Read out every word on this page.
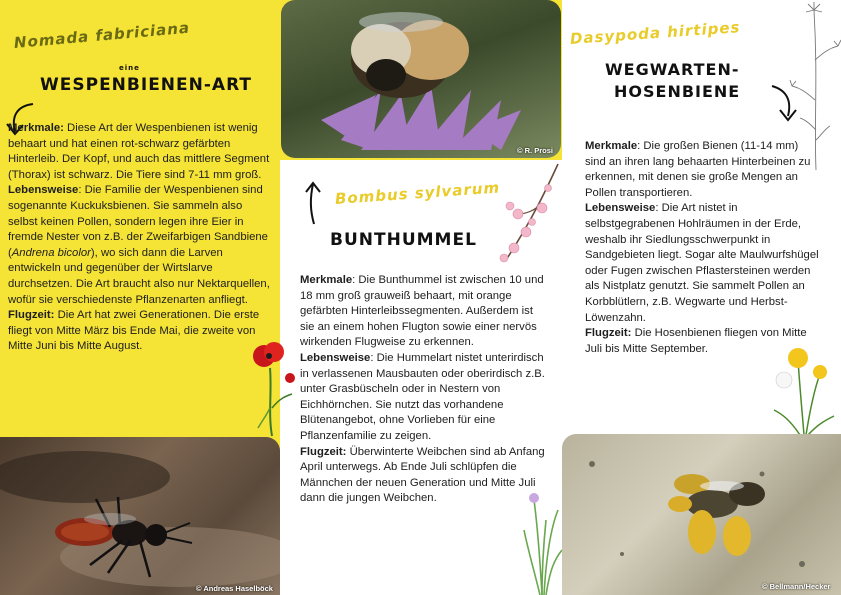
Nomada fabriciana
eine
WESPENBIENEN-ART
Merkmale: Diese Art der Wespenbienen ist wenig behaart und hat einen rot-schwarz gefärbten Hinterleib. Der Kopf, und auch das mittlere Segment (Thorax) ist schwarz. Die Tiere sind 7-11 mm groß.
Lebensweise: Die Familie der Wespenbienen sind sogenannte Kuckuksbienen. Sie sammeln also selbst keinen Pollen, sondern legen ihre Eier in fremde Nester von z.B. der Zweifarbigen Sandbiene (Andrena bicolor), wo sich dann die Larven entwickeln und gegenüber der Wirtslarve durchsetzen. Die Art braucht also nur Nektarquellen, wofür sie verschiedenste Pflanzenarten anfliegt.
Flugzeit: Die Art hat zwei Generationen. Die erste fliegt von Mitte März bis Ende Mai, die zweite von Mitte Juni bis Mitte August.
© Andreas Haselböck
© R. Prosi
Bombus sylvarum
BUNTHUMMEL
Merkmale: Die Bunthummel ist zwischen 10 und 18 mm groß grauweiß behaart, mit orange gefärbten Hinterleibssegmenten. Außerdem ist sie an einem hohen Flugton sowie einer nervös wirkenden Flugweise zu erkennen.
Lebensweise: Die Hummelart nistet unterirdisch in verlassenen Mausbauten oder oberirdisch z.B. unter Grasbüscheln oder in Nestern von Eichhörnchen. Sie nutzt das vorhandene Blütenangebot, ohne Vorlieben für eine Pflanzenfamilie zu zeigen.
Flugzeit: Überwinterte Weibchen sind ab Anfang April unterwegs. Ab Ende Juli schlüpfen die Männchen der neuen Generation und Mitte Juli dann die jungen Weibchen.
Dasypoda hirtipes
WEGWARTEN-
HOSENBIENE
Merkmale: Die großen Bienen (11-14 mm) sind an ihren lang behaarten Hinterbeinen zu erkennen, mit denen sie große Mengen an Pollen transportieren.
Lebensweise: Die Art nistet in selbstgegrabenen Hohlräumen in der Erde, weshalb ihr Siedlungsschwerpunkt in Sandgebieten liegt. Sogar alte Maulwurfshügel oder Fugen zwischen Pflastersteinen werden als Nistplatz genutzt. Sie sammelt Pollen an Korbblütlern, z.B. Wegwarte und Herbst-Löwenzahn.
Flugzeit: Die Hosenbienen fliegen von Mitte Juli bis Mitte September.
© Bellmann/Hecker
